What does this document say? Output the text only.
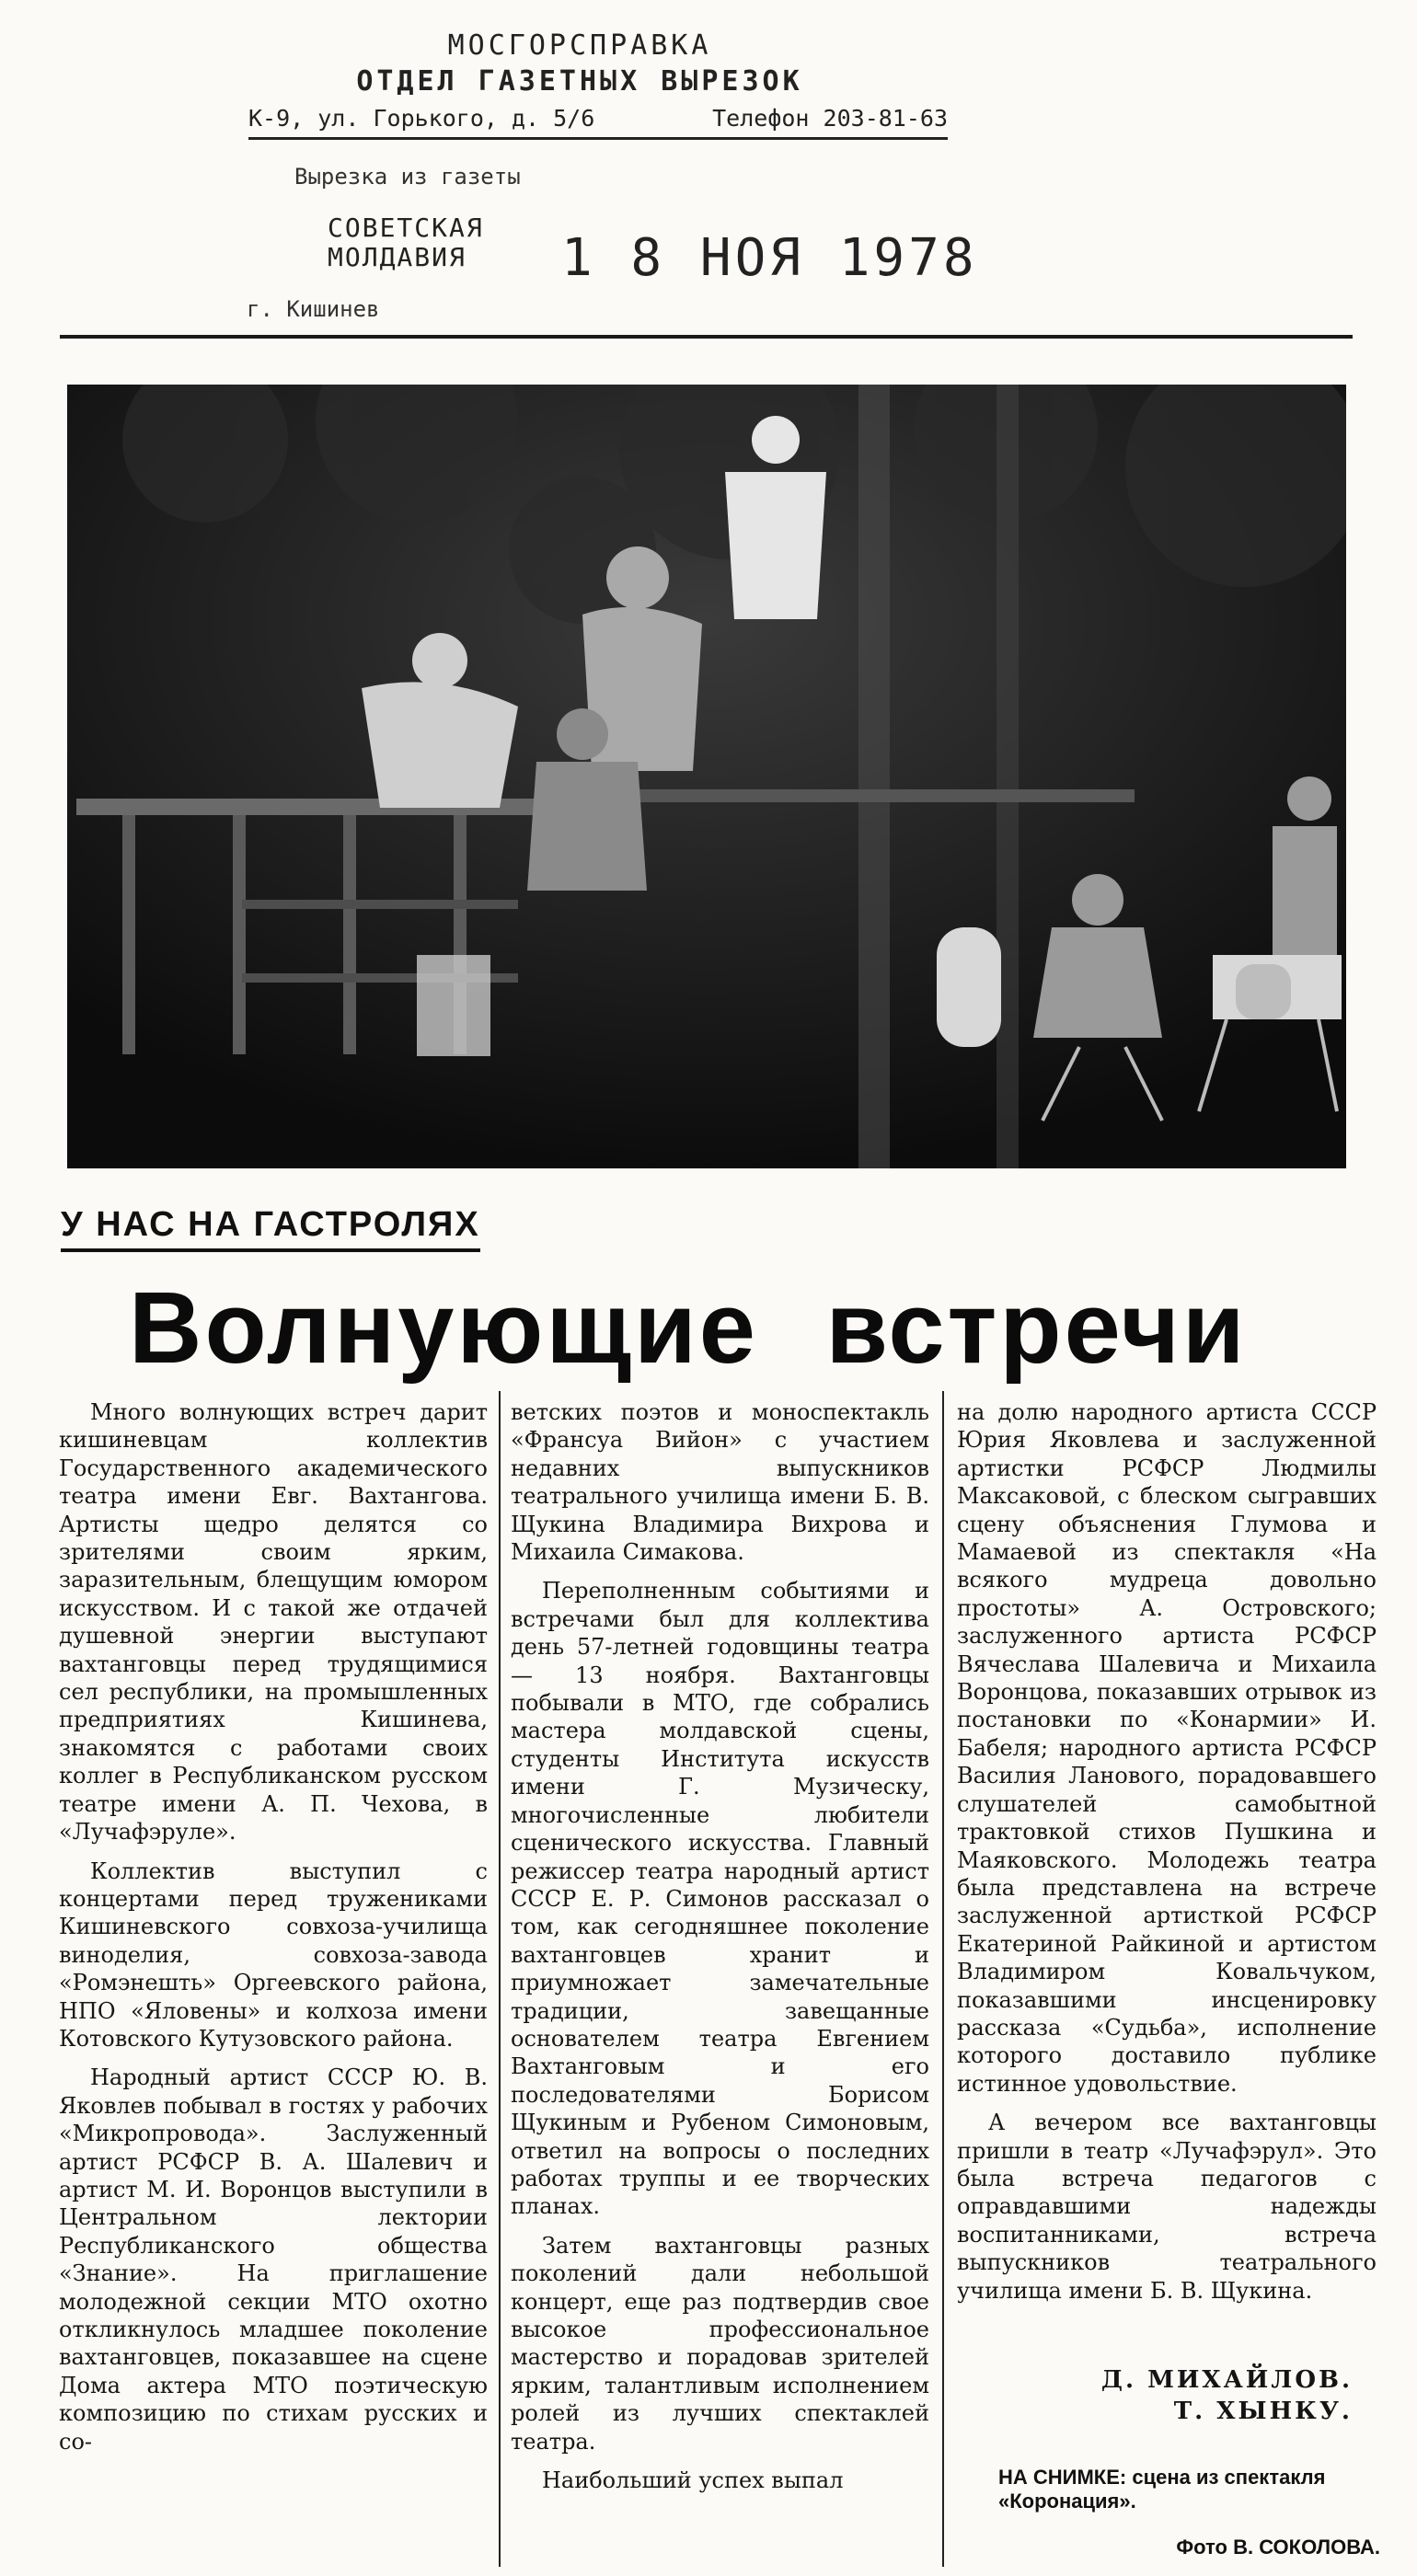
МОСГОРСПРАВКА
ОТДЕЛ ГАЗЕТНЫХ ВЫРЕЗОК
К-9, ул. Горького, д. 5/6	Телефон 203-81-63
Вырезка из газеты
СОВЕТСКАЯ
МОЛДАВИЯ	1 8 НОЯ 1978
г. Кишинев
У НАС НА ГАСТРОЛЯХ
Волнующие встречи

Много волнующих встреч дарит кишиневцам коллектив Государственного академического театра имени Евг. Вахтангова. Артисты щедро делятся со зрителями своим ярким, заразительным, блещущим юмором искусством. И с такой же отдачей душевной энергии выступают вахтанговцы перед трудящимися сел республики, на промышленных предприятиях Кишинева, знакомятся с работами своих коллег в Республиканском русском театре имени А. П. Чехова, в «Лучафэруле».

Коллектив выступил с концертами перед тружениками Кишиневского совхоза-училища виноделия, совхоза-завода «Ромэнешть» Оргеевского района, НПО «Яловены» и колхоза имени Котовского Кутузовского района.

Народный артист СССР Ю. В. Яковлев побывал в гостях у рабочих «Микропровода». Заслуженный артист РСФСР В. А. Шалевич и артист М. И. Воронцов выступили в Центральном лектории Республиканского общества «Знание». На приглашение молодежной секции МТО охотно откликнулось младшее поколение вахтанговцев, показавшее на сцене Дома актера МТО поэтическую композицию по стихам русских и со-

ветских поэтов и моноспектакль «Франсуа Вийон» с участием недавних выпускников театрального училища имени Б. В. Щукина Владимира Вихрова и Михаила Симакова.

Переполненным событиями и встречами был для коллектива день 57-летней годовщины театра — 13 ноября. Вахтанговцы побывали в МТО, где собрались мастера молдавской сцены, студенты Института искусств имени Г. Музическу, многочисленные любители сценического искусства. Главный режиссер театра народный артист СССР Е. Р. Симонов рассказал о том, как сегодняшнее поколение вахтанговцев хранит и приумножает замечательные традиции, завещанные основателем театра Евгением Вахтанговым и его последователями Борисом Щукиным и Рубеном Симоновым, ответил на вопросы о последних работах труппы и ее творческих планах.

Затем вахтанговцы разных поколений дали небольшой концерт, еще раз подтвердив свое высокое профессиональное мастерство и порадовав зрителей ярким, талантливым исполнением ролей из лучших спектаклей театра.

Наибольший успех выпал

на долю народного артиста СССР Юрия Яковлева и заслуженной артистки РСФСР Людмилы Максаковой, с блеском сыгравших сцену объяснения Глумова и Мамаевой из спектакля «На всякого мудреца довольно простоты» А. Островского; заслуженного артиста РСФСР Вячеслава Шалевича и Михаила Воронцова, показавших отрывок из постановки по «Конармии» И. Бабеля; народного артиста РСФСР Василия Ланового, порадовавшего слушателей самобытной трактовкой стихов Пушкина и Маяковского. Молодежь театра была представлена на встрече заслуженной артисткой РСФСР Екатериной Райкиной и артистом Владимиром Ковальчуком, показавшими инсценировку рассказа «Судьба», исполнение которого доставило публике истинное удовольствие.

А вечером все вахтанговцы пришли в театр «Лучафэрул». Это была встреча педагогов с оправдавшими надежды воспитанниками, встреча выпускников театрального училища имени Б. В. Щукина.

Д. МИХАЙЛОВ.
Т. ХЫНКУ.
НА СНИМКЕ: сцена из спектакля «Коронация».
Фото В. СОКОЛОВА.
